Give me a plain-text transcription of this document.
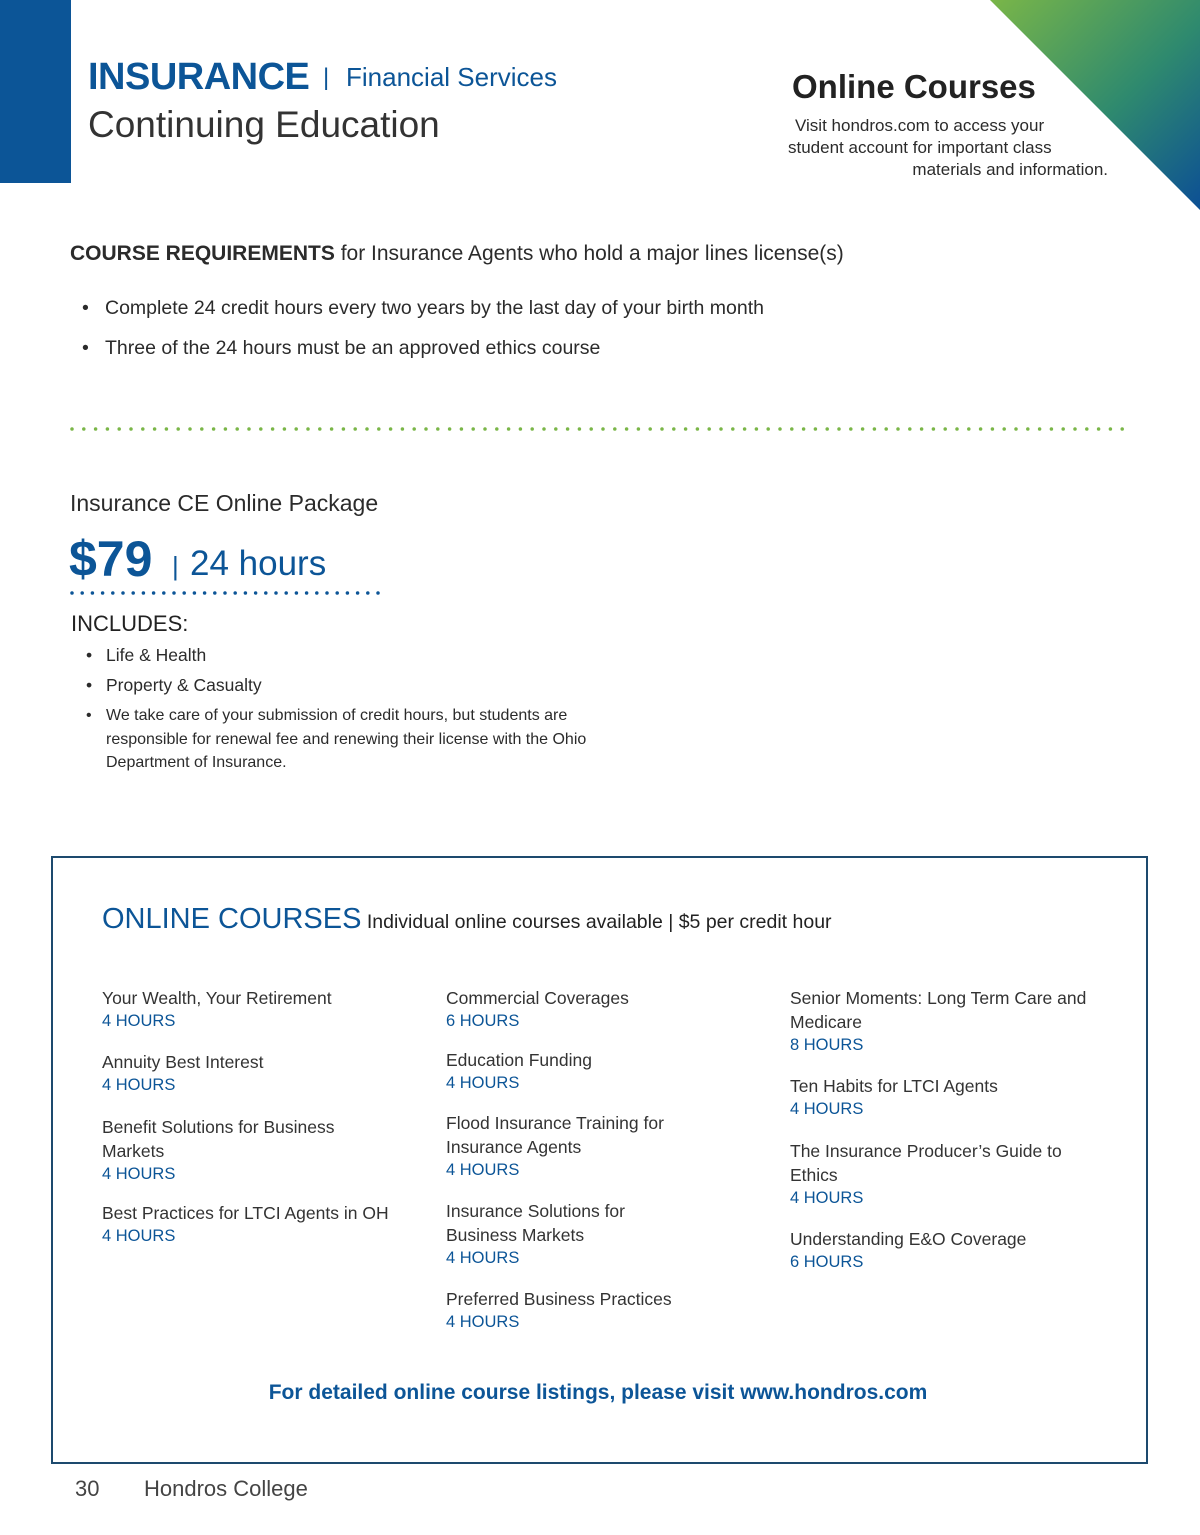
INSURANCE | Financial Services
Continuing Education
Online Courses
Visit hondros.com to access your
student account for important class
materials and information.
COURSE REQUIREMENTS for Insurance Agents who hold a major lines license(s)
• Complete 24 credit hours every two years by the last day of your birth month
• Three of the 24 hours must be an approved ethics course
Insurance CE Online Package
$79 | 24 hours
INCLUDES:
• Life & Health
• Property & Casualty
• We take care of your submission of credit hours, but students are responsible for renewal fee and renewing their license with the Ohio Department of Insurance.
ONLINE COURSES Individual online courses available | $5 per credit hour
Your Wealth, Your Retirement
4 HOURS
Annuity Best Interest
4 HOURS
Benefit Solutions for Business Markets
4 HOURS
Best Practices for LTCI Agents in OH
4 HOURS
Commercial Coverages
6 HOURS
Education Funding
4 HOURS
Flood Insurance Training for Insurance Agents
4 HOURS
Insurance Solutions for Business Markets
4 HOURS
Preferred Business Practices
4 HOURS
Senior Moments: Long Term Care and Medicare
8 HOURS
Ten Habits for LTCI Agents
4 HOURS
The Insurance Producer’s Guide to Ethics
4 HOURS
Understanding E&O Coverage
6 HOURS
For detailed online course listings, please visit www.hondros.com
30 Hondros College
